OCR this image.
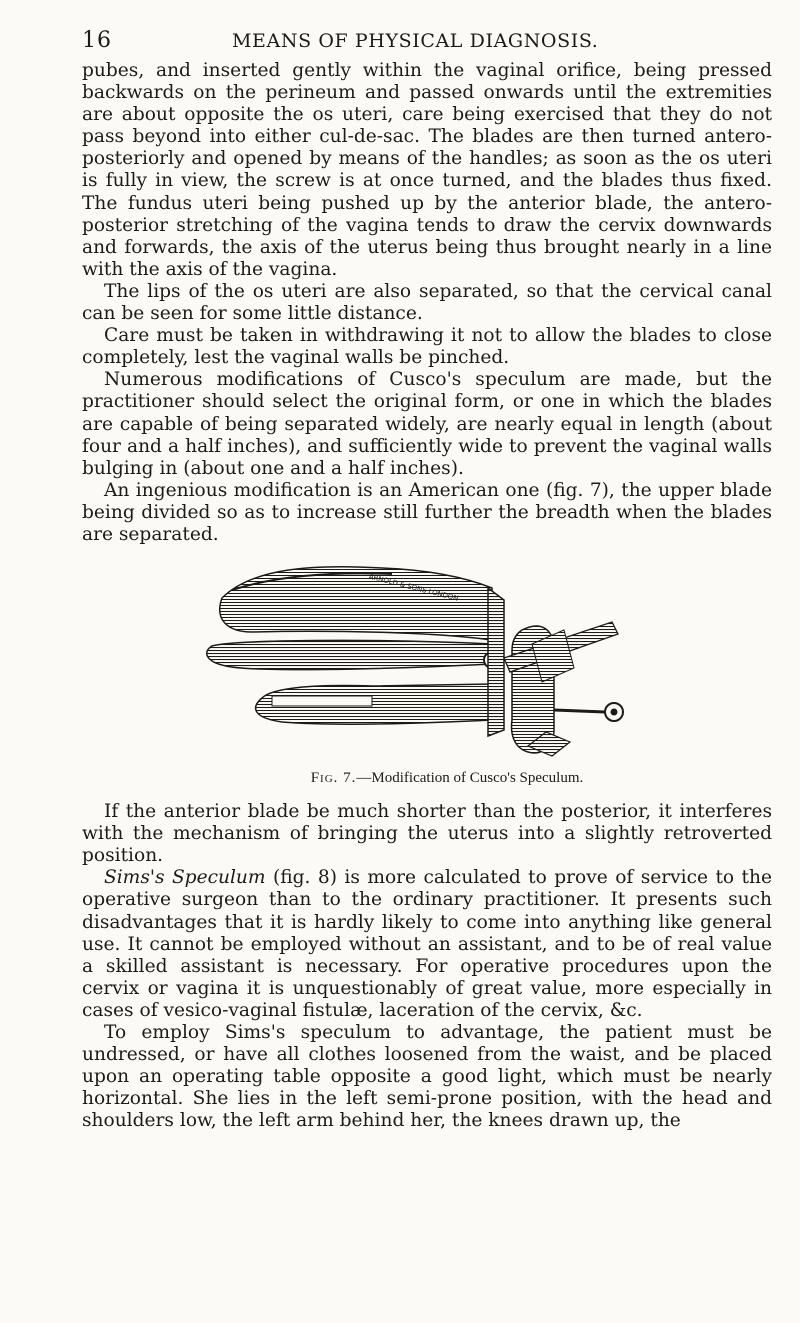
16	MEANS OF PHYSICAL DIAGNOSIS.

pubes, and inserted gently within the vaginal orifice, being pressed backwards on the perineum and passed onwards until the extremities are about opposite the os uteri, care being exercised that they do not pass beyond into either cul-de-sac. The blades are then turned antero-posteriorly and opened by means of the handles; as soon as the os uteri is fully in view, the screw is at once turned, and the blades thus fixed. The fundus uteri being pushed up by the anterior blade, the antero-posterior stretching of the vagina tends to draw the cervix downwards and forwards, the axis of the uterus being thus brought nearly in a line with the axis of the vagina.

The lips of the os uteri are also separated, so that the cervical canal can be seen for some little distance.

Care must be taken in withdrawing it not to allow the blades to close completely, lest the vaginal walls be pinched.

Numerous modifications of Cusco's speculum are made, but the practitioner should select the original form, or one in which the blades are capable of being separated widely, are nearly equal in length (about four and a half inches), and sufficiently wide to prevent the vaginal walls bulging in (about one and a half inches).

An ingenious modification is an American one (fig. 7), the upper blade being divided so as to increase still further the breadth when the blades are separated.

ARNOLD & SONS LONDON

Fig. 7.—Modification of Cusco's Speculum.

If the anterior blade be much shorter than the posterior, it interferes with the mechanism of bringing the uterus into a slightly retroverted position.

Sims's Speculum (fig. 8) is more calculated to prove of service to the operative surgeon than to the ordinary practitioner. It presents such disadvantages that it is hardly likely to come into anything like general use. It cannot be employed without an assistant, and to be of real value a skilled assistant is necessary. For operative procedures upon the cervix or vagina it is unquestionably of great value, more especially in cases of vesico-vaginal fistulæ, laceration of the cervix, &c.

To employ Sims's speculum to advantage, the patient must be undressed, or have all clothes loosened from the waist, and be placed upon an operating table opposite a good light, which must be nearly horizontal. She lies in the left semi-prone position, with the head and shoulders low, the left arm behind her, the knees drawn up, the
